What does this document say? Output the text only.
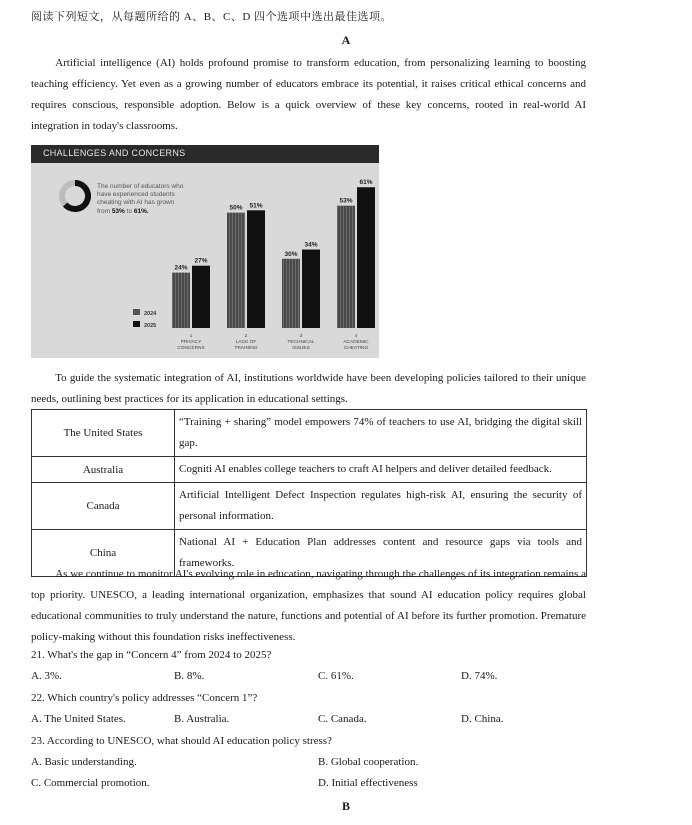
阅读下列短文，从每题所给的 A、B、C、D 四个选项中选出最佳选项。
A

Artificial intelligence (AI) holds profound promise to transform education, from personalizing learning to boosting teaching efficiency. Yet even as a growing number of educators embrace its potential, it raises critical ethical concerns and requires conscious, responsible adoption. Below is a quick overview of these key concerns, rooted in real-world AI integration in today's classrooms.

CHALLENGES AND CONCERNS
The number of educators who
have experienced students
cheating with AI has grown
from 53% to 61%.
2024
2025
24%
27%
1
PRIVACY
CONCERNS
50% 51%
2
LACK OF
TRAINING
30%
34%
3
TECHNICAL
ISSUES
53%
61%
4
ACADEMIC
CHEATING

To guide the systematic integration of AI, institutions worldwide have been developing policies tailored to their unique needs, outlining best practices for its application in educational settings.

The United States	“Training + sharing” model empowers 74% of teachers to use AI, bridging the digital skill gap.
Australia	Cogniti AI enables college teachers to craft AI helpers and deliver detailed feedback.
Canada	Artificial Intelligent Defect Inspection regulates high-risk AI, ensuring the security of personal information.
China	National AI + Education Plan addresses content and resource gaps via tools and frameworks.

As we continue to monitor AI's evolving role in education, navigating through the challenges of its integration remains a top priority. UNESCO, a leading international organization, emphasizes that sound AI education policy requires global educational communities to truly understand the nature, functions and potential of AI before its further promotion. Premature policy-making without this foundation risks ineffectiveness.

21. What's the gap in “Concern 4” from 2024 to 2025?
A. 3%.	B. 8%.	C. 61%.	D. 74%.
22. Which country's policy addresses “Concern 1”?
A. The United States.	B. Australia.	C. Canada.	D. China.
23. According to UNESCO, what should AI education policy stress?
A. Basic understanding.	B. Global cooperation.
C. Commercial promotion.	D. Initial effectiveness
B
